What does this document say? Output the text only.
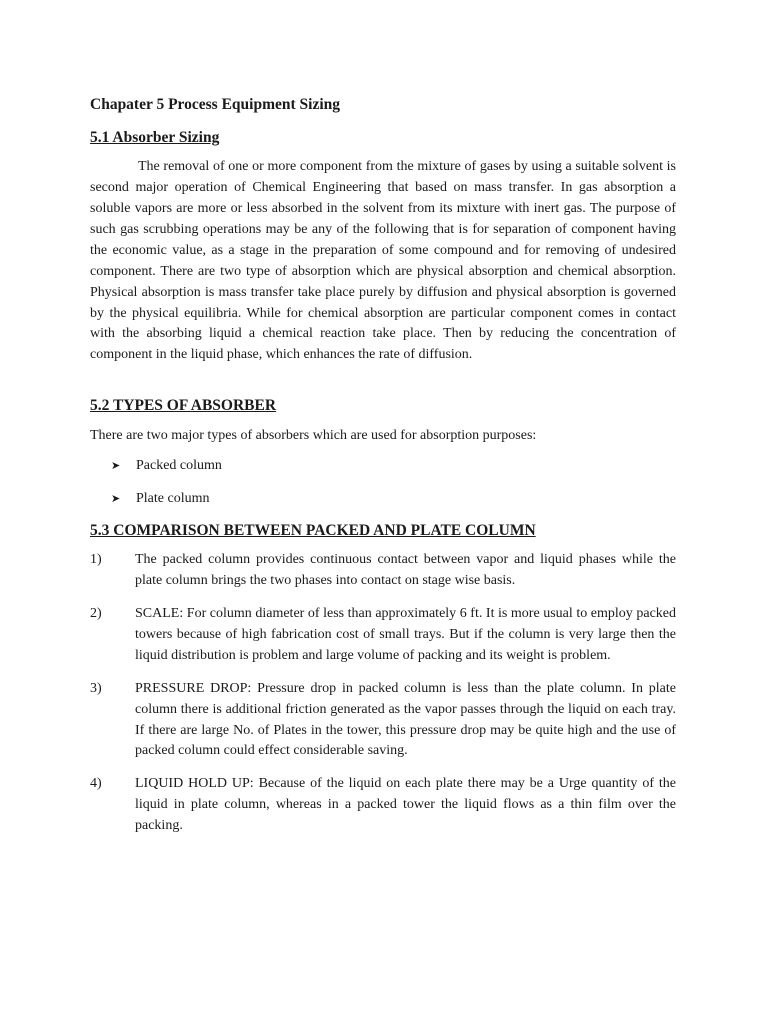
Chapater 5 Process Equipment Sizing
5.1 Absorber Sizing

The removal of one or more component from the mixture of gases by using a suitable solvent is second major operation of Chemical Engineering that based on mass transfer. In gas absorption a soluble vapors are more or less absorbed in the solvent from its mixture with inert gas. The purpose of such gas scrubbing operations may be any of the following that is for separation of component having the economic value, as a stage in the preparation of some compound and for removing of undesired component. There are two type of absorption which are physical absorption and chemical absorption. Physical absorption is mass transfer take place purely by diffusion and physical absorption is governed by the physical equilibria. While for chemical absorption are particular component comes in contact with the absorbing liquid a chemical reaction take place. Then by reducing the concentration of component in the liquid phase, which enhances the rate of diffusion.

5.2 TYPES OF ABSORBER
There are two major types of absorbers which are used for absorption purposes:
➤	Packed column
➤	Plate column
5.3 COMPARISON BETWEEN PACKED AND PLATE COLUMN
1)	The packed column provides continuous contact between vapor and liquid phases while the plate column brings the two phases into contact on stage wise basis.
2)	SCALE: For column diameter of less than approximately 6 ft. It is more usual to employ packed towers because of high fabrication cost of small trays. But if the column is very large then the liquid distribution is problem and large volume of packing and its weight is problem.
3)	PRESSURE DROP: Pressure drop in packed column is less than the plate column. In plate column there is additional friction generated as the vapor passes through the liquid on each tray. If there are large No. of Plates in the tower, this pressure drop may be quite high and the use of packed column could effect considerable saving.
4)	LIQUID HOLD UP: Because of the liquid on each plate there may be a Urge quantity of the liquid in plate column, whereas in a packed tower the liquid flows as a thin film over the packing.
